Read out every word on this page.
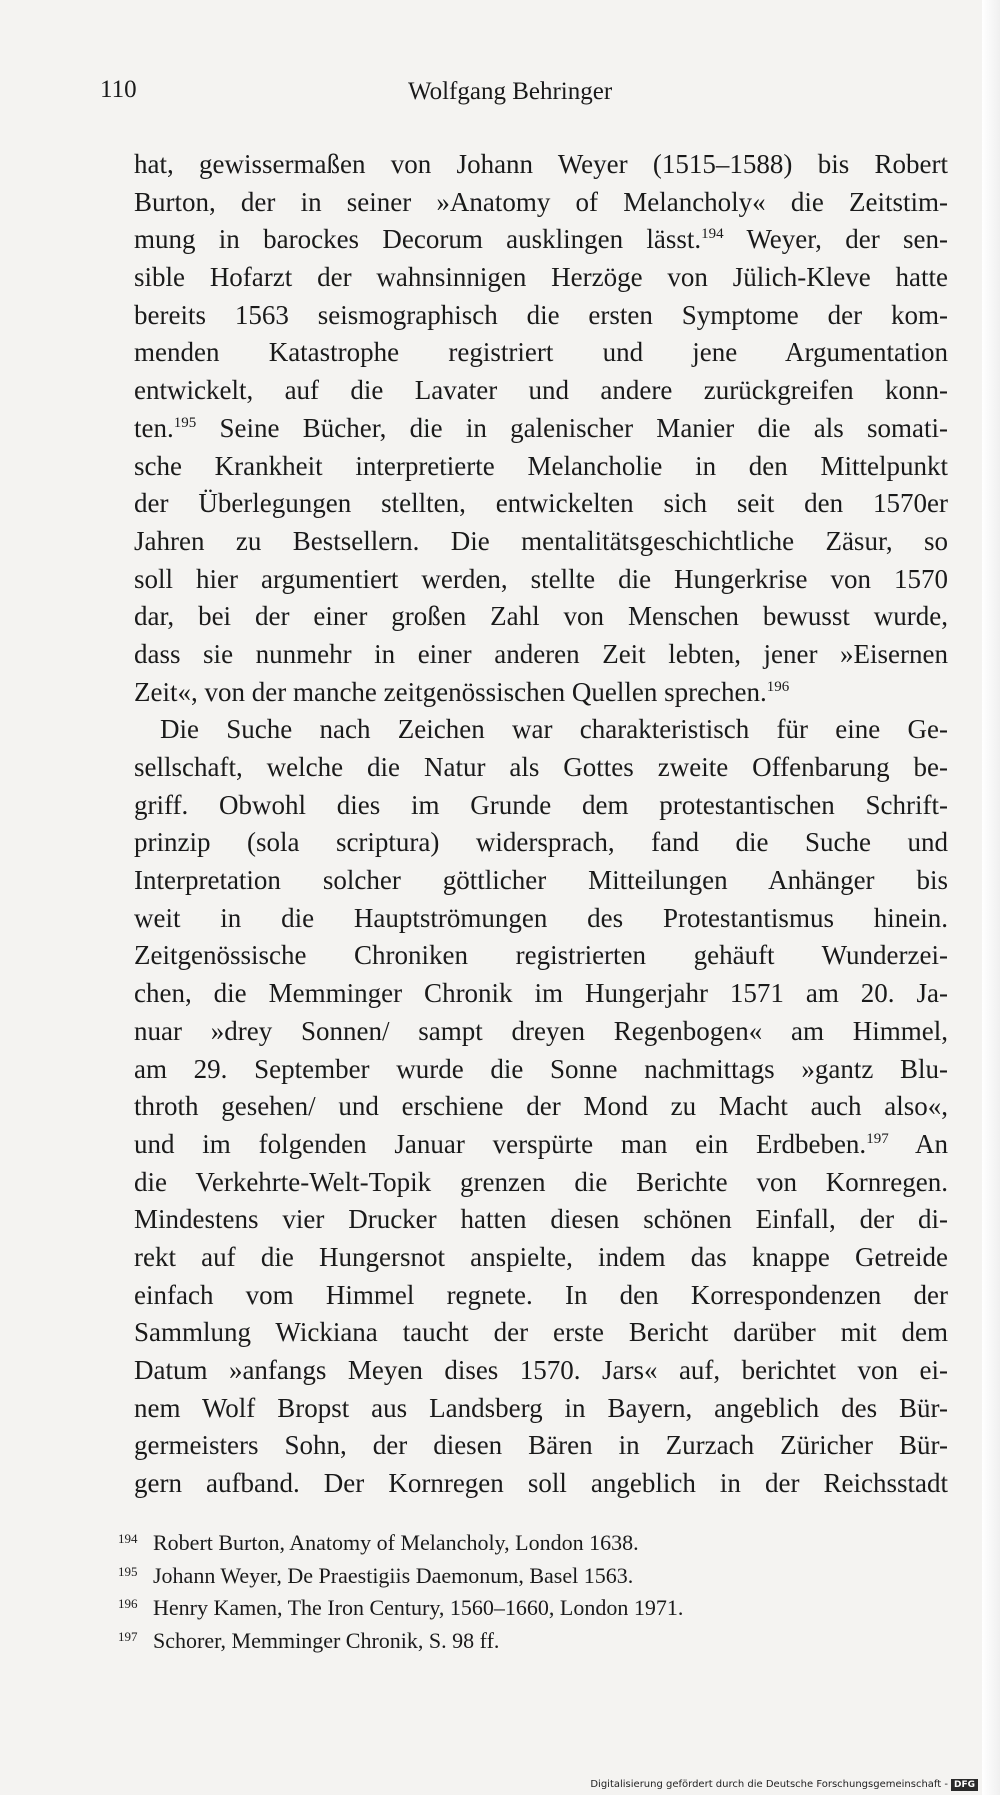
110	Wolfgang Behringer
hat, gewissermaßen von Johann Weyer (1515–1588) bis Robert
Burton, der in seiner »Anatomy of Melancholy« die Zeitstim-
mung in barockes Decorum ausklingen lässt.$^{194}$ Weyer, der sen-
sible Hofarzt der wahnsinnigen Herzöge von Jülich-Kleve hatte
bereits 1563 seismographisch die ersten Symptome der kom-
menden Katastrophe registriert und jene Argumentation
entwickelt, auf die Lavater und andere zurückgreifen konn-
ten.$^{195}$ Seine Bücher, die in galenischer Manier die als somati-
sche Krankheit interpretierte Melancholie in den Mittelpunkt
der Überlegungen stellten, entwickelten sich seit den 1570er
Jahren zu Bestsellern. Die mentalitätsgeschichtliche Zäsur, so
soll hier argumentiert werden, stellte die Hungerkrise von 1570
dar, bei der einer großen Zahl von Menschen bewusst wurde,
dass sie nunmehr in einer anderen Zeit lebten, jener »Eisernen
Zeit«, von der manche zeitgenössischen Quellen sprechen.$^{196}$
Die Suche nach Zeichen war charakteristisch für eine Ge-
sellschaft, welche die Natur als Gottes zweite Offenbarung be-
griff. Obwohl dies im Grunde dem protestantischen Schrift-
prinzip (sola scriptura) widersprach, fand die Suche und
Interpretation solcher göttlicher Mitteilungen Anhänger bis
weit in die Hauptströmungen des Protestantismus hinein.
Zeitgenössische Chroniken registrierten gehäuft Wunderzei-
chen, die Memminger Chronik im Hungerjahr 1571 am 20. Ja-
nuar »drey Sonnen/ sampt dreyen Regenbogen« am Himmel,
am 29. September wurde die Sonne nachmittags »gantz Blu-
throth gesehen/ und erschiene der Mond zu Macht auch also«,
und im folgenden Januar verspürte man ein Erdbeben.$^{197}$ An
die Verkehrte-Welt-Topik grenzen die Berichte von Kornregen.
Mindestens vier Drucker hatten diesen schönen Einfall, der di-
rekt auf die Hungersnot anspielte, indem das knappe Getreide
einfach vom Himmel regnete. In den Korrespondenzen der
Sammlung Wickiana taucht der erste Bericht darüber mit dem
Datum »anfangs Meyen dises 1570. Jars« auf, berichtet von ei-
nem Wolf Bropst aus Landsberg in Bayern, angeblich des Bür-
germeisters Sohn, der diesen Bären in Zurzach Züricher Bür-
gern aufband. Der Kornregen soll angeblich in der Reichsstadt
194 Robert Burton, Anatomy of Melancholy, London 1638.
195 Johann Weyer, De Praestigiis Daemonum, Basel 1563.
196 Henry Kamen, The Iron Century, 1560–1660, London 1971.
197 Schorer, Memminger Chronik, S. 98 ff.
Digitalisierung gefördert durch die Deutsche Forschungsgemeinschaft - DFG
